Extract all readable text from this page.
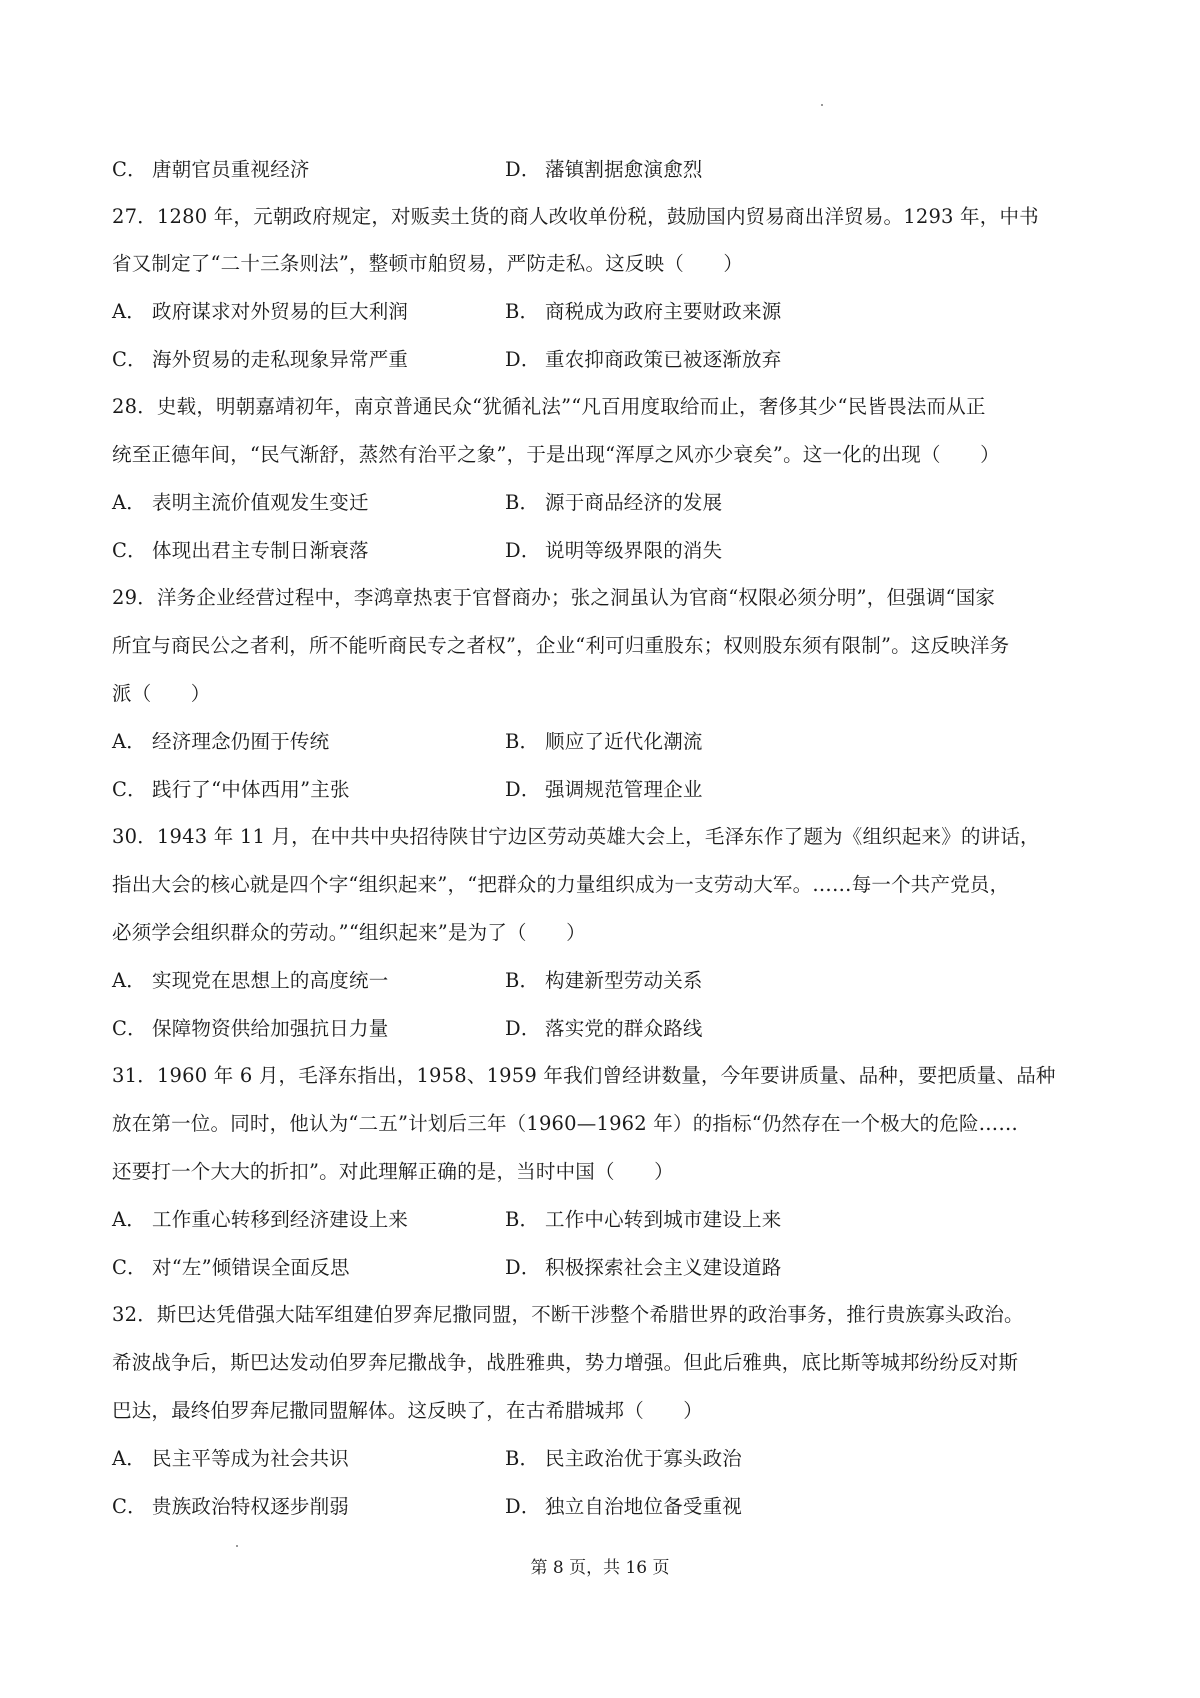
C． 唐朝官员重视经济	D． 藩镇割据愈演愈烈
27．1280 年，元朝政府规定，对贩卖土货的商人改收单份税，鼓励国内贸易商出洋贸易。1293 年，中书
省又制定了“二十三条则法”，整顿市舶贸易，严防走私。这反映（　　）
A． 政府谋求对外贸易的巨大利润	B． 商税成为政府主要财政来源
C． 海外贸易的走私现象异常严重	D． 重农抑商政策已被逐渐放弃
28．史载，明朝嘉靖初年，南京普通民众“犹循礼法”“凡百用度取给而止，奢侈其少“民皆畏法而从正
统至正德年间，“民气渐舒，蒸然有治平之象”，于是出现“浑厚之风亦少衰矣”。这一化的出现（　　）
A． 表明主流价值观发生变迁	B． 源于商品经济的发展
C． 体现出君主专制日渐衰落	D． 说明等级界限的消失
29．洋务企业经营过程中，李鸿章热衷于官督商办；张之洞虽认为官商“权限必须分明”，但强调“国家
所宜与商民公之者利，所不能听商民专之者权”，企业“利可归重股东；权则股东须有限制”。这反映洋务
派（　　）
A． 经济理念仍囿于传统	B． 顺应了近代化潮流
C． 践行了“中体西用”主张	D． 强调规范管理企业
30．1943 年 11 月，在中共中央招待陕甘宁边区劳动英雄大会上，毛泽东作了题为《组织起来》的讲话，
指出大会的核心就是四个字“组织起来”，“把群众的力量组织成为一支劳动大军。……每一个共产党员，
必须学会组织群众的劳动。”“组织起来”是为了（　　）
A． 实现党在思想上的高度统一	B． 构建新型劳动关系
C． 保障物资供给加强抗日力量	D． 落实党的群众路线
31．1960 年 6 月，毛泽东指出，1958、1959 年我们曾经讲数量，今年要讲质量、品种，要把质量、品种
放在第一位。同时，他认为“二五”计划后三年（1960—1962 年）的指标“仍然存在一个极大的危险……
还要打一个大大的折扣”。对此理解正确的是，当时中国（　　）
A． 工作重心转移到经济建设上来	B． 工作中心转到城市建设上来
C． 对“左”倾错误全面反思	D． 积极探索社会主义建设道路
32．斯巴达凭借强大陆军组建伯罗奔尼撒同盟，不断干涉整个希腊世界的政治事务，推行贵族寡头政治。
希波战争后，斯巴达发动伯罗奔尼撒战争，战胜雅典，势力增强。但此后雅典，底比斯等城邦纷纷反对斯
巴达，最终伯罗奔尼撒同盟解体。这反映了，在古希腊城邦（　　）
A． 民主平等成为社会共识	B． 民主政治优于寡头政治
C． 贵族政治特权逐步削弱	D． 独立自治地位备受重视
第 8 页，共 16 页
